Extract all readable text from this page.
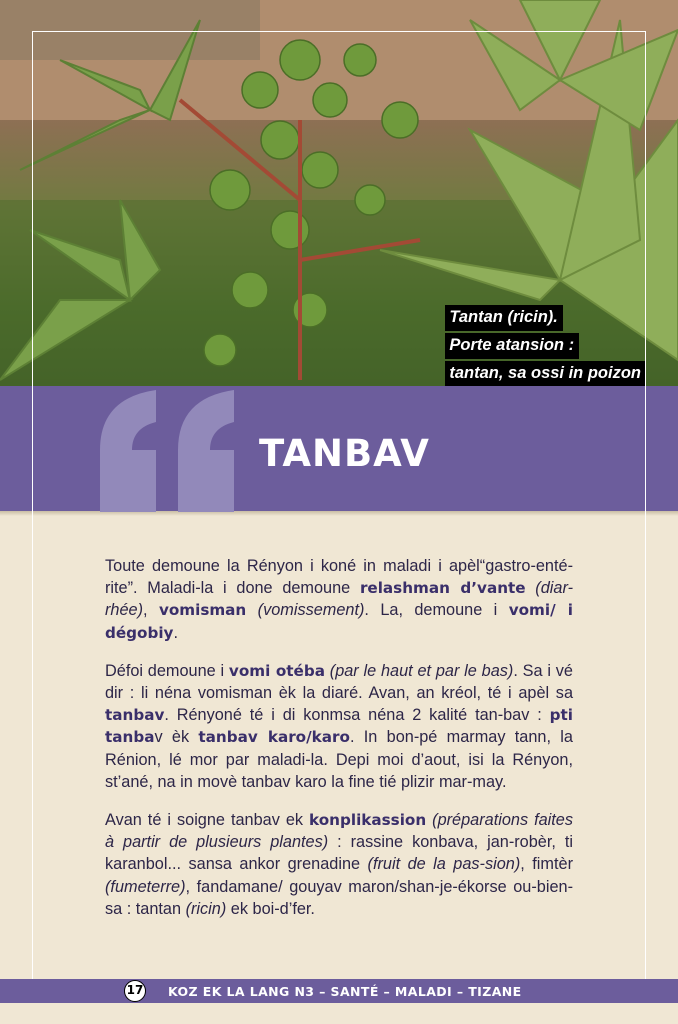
Tantan (ricin).
Porte atansion :
tantan, sa ossi in poizon
TANBAV

Toute demoune la Rényon i koné in maladi i apèl“gastro-enté-rite”. Maladi-la i done demoune relashman d’vante (diar-rhée), vomisman (vomissement). La, demoune i vomi/ i dégobiy.

Défoi demoune i vomi otéba (par le haut et par le bas). Sa i vé dir : li néna vomisman èk la diaré. Avan, an kréol, té i apèl sa tanbav. Rényoné té i di konmsa néna 2 kalité tan-bav : pti tanbav èk tanbav karo/karo. In bon-pé marmay tann, la Rénion, lé mor par maladi-la. Depi moi d’aout, isi la Rényon, st’ané, na in movè tanbav karo la fine tié plizir mar-may.

Avan té i soigne tanbav ek konplikassion (préparations faites à partir de plusieurs plantes) : rassine konbava, jan-robèr, ti karanbol... sansa ankor grenadine (fruit de la pas-sion), fimtèr (fumeterre), fandamane/ gouyav maron/shan-je-ékorse ou-bien-sa : tantan (ricin) ek boi-d’fer.

17 KOZ EK LA LANG N3 – SANTÉ – MALADI – TIZANE
